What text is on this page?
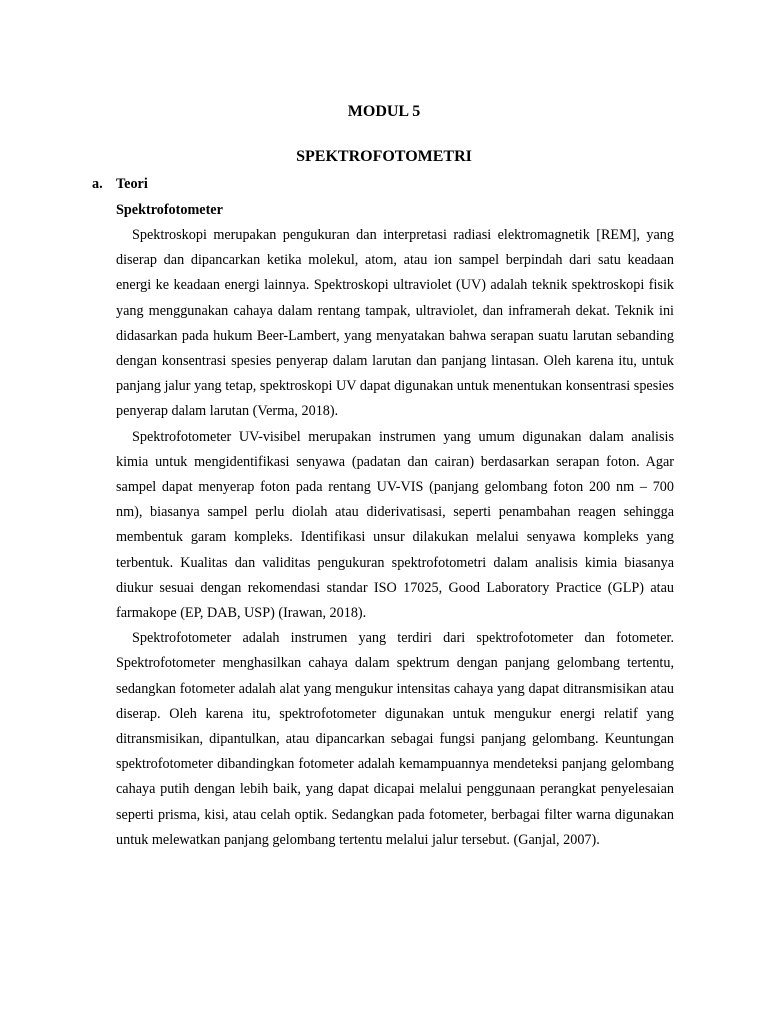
MODUL 5
SPEKTROFOTOMETRI
a. Teori
Spektrofotometer

Spektroskopi merupakan pengukuran dan interpretasi radiasi elektromagnetik [REM], yang diserap dan dipancarkan ketika molekul, atom, atau ion sampel berpindah dari satu keadaan energi ke keadaan energi lainnya. Spektroskopi ultraviolet (UV) adalah teknik spektroskopi fisik yang menggunakan cahaya dalam rentang tampak, ultraviolet, dan inframerah dekat. Teknik ini didasarkan pada hukum Beer-Lambert, yang menyatakan bahwa serapan suatu larutan sebanding dengan konsentrasi spesies penyerap dalam larutan dan panjang lintasan. Oleh karena itu, untuk panjang jalur yang tetap, spektroskopi UV dapat digunakan untuk menentukan konsentrasi spesies penyerap dalam larutan (Verma, 2018).

Spektrofotometer UV-visibel merupakan instrumen yang umum digunakan dalam analisis kimia untuk mengidentifikasi senyawa (padatan dan cairan) berdasarkan serapan foton. Agar sampel dapat menyerap foton pada rentang UV-VIS (panjang gelombang foton 200 nm – 700 nm), biasanya sampel perlu diolah atau diderivatisasi, seperti penambahan reagen sehingga membentuk garam kompleks. Identifikasi unsur dilakukan melalui senyawa kompleks yang terbentuk. Kualitas dan validitas pengukuran spektrofotometri dalam analisis kimia biasanya diukur sesuai dengan rekomendasi standar ISO 17025, Good Laboratory Practice (GLP) atau farmakope (EP, DAB, USP) (Irawan, 2018).

Spektrofotometer adalah instrumen yang terdiri dari spektrofotometer dan fotometer. Spektrofotometer menghasilkan cahaya dalam spektrum dengan panjang gelombang tertentu, sedangkan fotometer adalah alat yang mengukur intensitas cahaya yang dapat ditransmisikan atau diserap. Oleh karena itu, spektrofotometer digunakan untuk mengukur energi relatif yang ditransmisikan, dipantulkan, atau dipancarkan sebagai fungsi panjang gelombang. Keuntungan spektrofotometer dibandingkan fotometer adalah kemampuannya mendeteksi panjang gelombang cahaya putih dengan lebih baik, yang dapat dicapai melalui penggunaan perangkat penyelesaian seperti prisma, kisi, atau celah optik. Sedangkan pada fotometer, berbagai filter warna digunakan untuk melewatkan panjang gelombang tertentu melalui jalur tersebut. (Ganjal, 2007).
